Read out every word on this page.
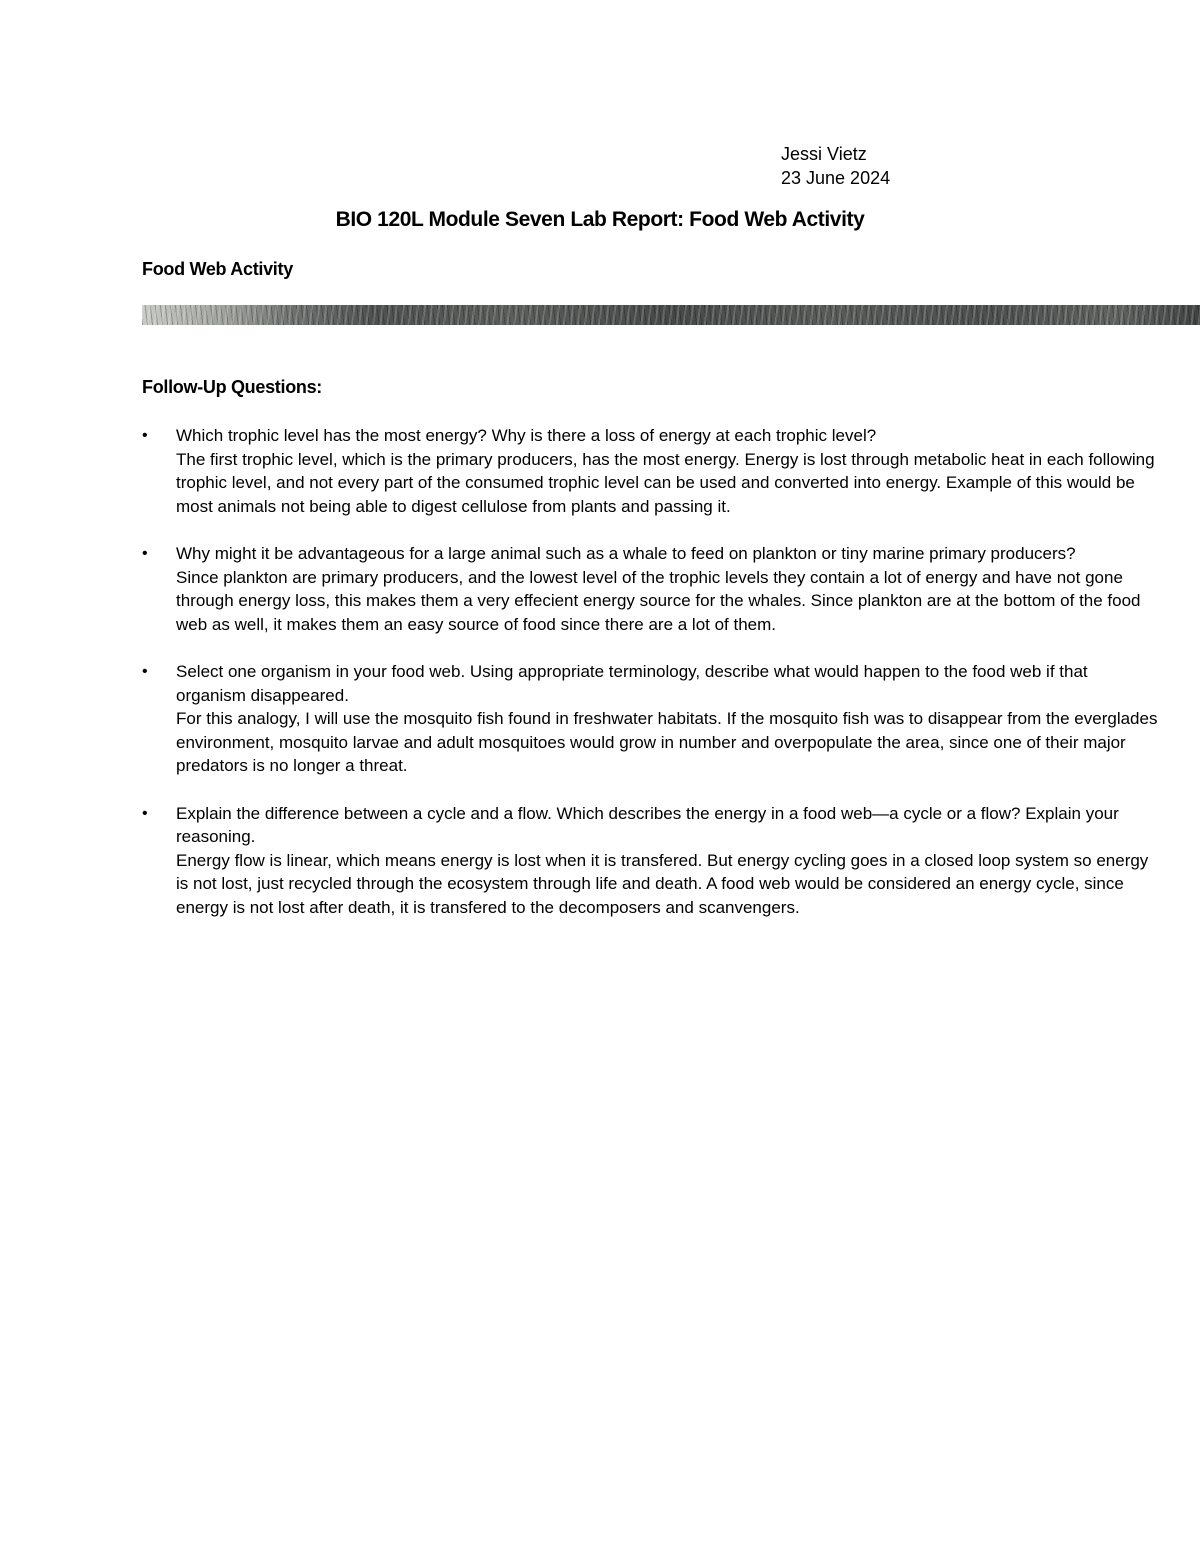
Jessi Vietz
23 June 2024
BIO 120L Module Seven Lab Report: Food Web Activity
Food Web Activity
Follow-Up Questions:
• Which trophic level has the most energy? Why is there a loss of energy at each trophic level?

The first trophic level, which is the primary producers, has the most energy. Energy is lost through metabolic heat in each following trophic level, and not every part of the consumed trophic level can be used and converted into energy. Example of this would be most animals not being able to digest cellulose from plants and passing it.

• Why might it be advantageous for a large animal such as a whale to feed on plankton or tiny marine primary producers?

Since plankton are primary producers, and the lowest level of the trophic levels they contain a lot of energy and have not gone through energy loss, this makes them a very effecient energy source for the whales. Since plankton are at the bottom of the food web as well, it makes them an easy source of food since there are a lot of them.

• Select one organism in your food web. Using appropriate terminology, describe what would happen to the food web if that organism disappeared.

For this analogy, I will use the mosquito fish found in freshwater habitats. If the mosquito fish was to disappear from the everglades environment, mosquito larvae and adult mosquitoes would grow in number and overpopulate the area, since one of their major predators is no longer a threat.

• Explain the difference between a cycle and a flow. Which describes the energy in a food web—a cycle or a flow? Explain your reasoning.

Energy flow is linear, which means energy is lost when it is transfered. But energy cycling goes in a closed loop system so energy is not lost, just recycled through the ecosystem through life and death. A food web would be considered an energy cycle, since energy is not lost after death, it is transfered to the decomposers and scanvengers.
